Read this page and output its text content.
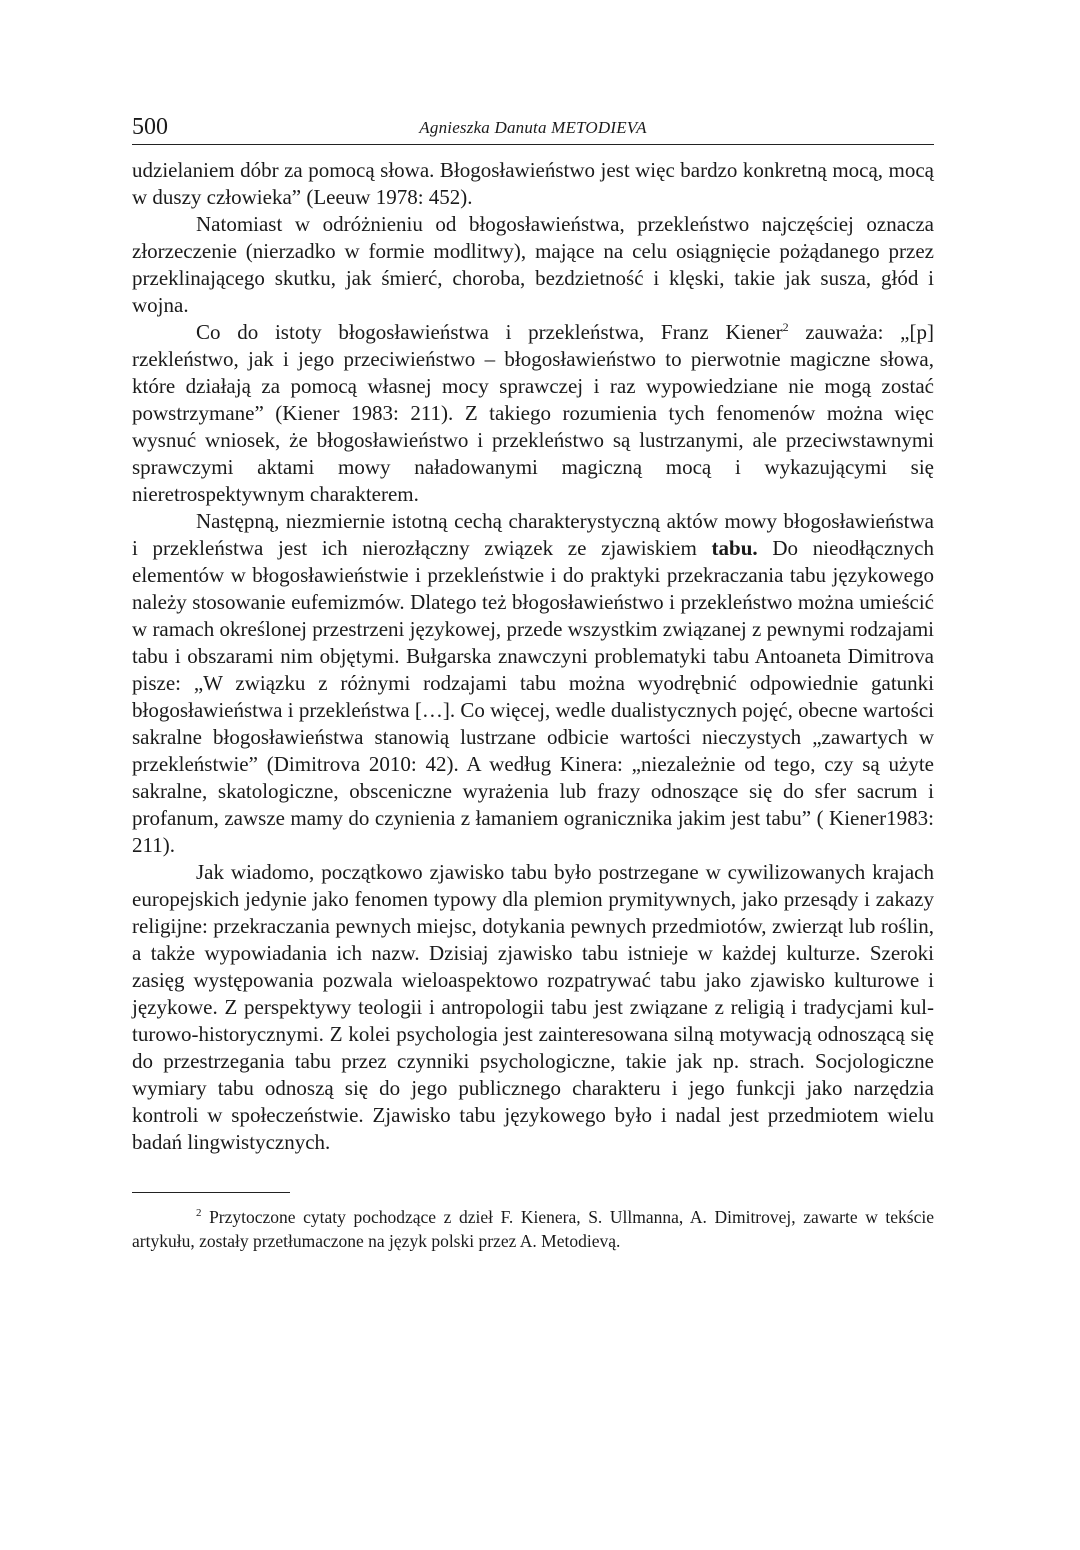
500	Agnieszka Danuta METODIEVA

udzielaniem dóbr za pomocą słowa. Błogosławieństwo jest więc bardzo konkretną mocą, mocą w duszy człowieka” (Leeuw 1978: 452).

Natomiast w odróżnieniu od błogosławieństwa, przekleństwo najczęściej oznacza złorzeczenie (nierzadko w formie modlitwy), mające na celu osiągnięcie pożądanego przez przeklinającego skutku, jak śmierć, choroba, bezdzietność i klęski, takie jak susza, głód i wojna.

Co do istoty błogosławieństwa i przekleństwa, Franz Kiener$^2$ zauważa: „[p] rzekleństwo, jak i jego przeciwieństwo – błogosławieństwo to pierwotnie magiczne słowa, które działają za pomocą własnej mocy sprawczej i raz wypowiedziane nie mogą zostać powstrzymane” (Kiener 1983: 211). Z takiego rozumienia tych fenomenów można więc wysnuć wniosek, że błogosławieństwo i przekleństwo są lustrzanymi, ale przeciwstawnymi sprawczymi aktami mowy naładowanymi magiczną mocą i wykazującymi się nieretrospektywnym charakterem.

Następną, niezmiernie istotną cechą charakterystyczną aktów mowy błogosławieństwa i przekleństwa jest ich nierozłączny związek ze zjawiskiem tabu. Do nieodłącznych elementów w błogosławieństwie i przekleństwie i do praktyki przekraczania tabu językowego należy stosowanie eufemizmów. Dlatego też błogosławieństwo i przekleństwo można umieścić w ramach określonej przestrzeni językowej, przede wszystkim związanej z pewnymi rodzajami tabu i obszarami nim objętymi. Bułgarska znawczyni problematyki tabu Antoaneta Dimitrova pisze: „W związku z różnymi rodzajami tabu można wyodrębnić odpowiednie gatunki błogosławieństwa i przekleństwa […]. Co więcej, wedle dualistycznych pojęć, obecne wartości sakralne błogosławieństwa stanowią lustrzane odbicie wartości nieczystych „zawartych w przekleństwie” (Dimitrova 2010: 42). A według Kinera: „niezależnie od tego, czy są użyte sakralne, skatologiczne, obsceniczne wyrażenia lub frazy odnoszące się do sfer sacrum i profanum, zawsze mamy do czynienia z łamaniem ogranicznika jakim jest tabu” ( Kiener1983: 211).

Jak wiadomo, początkowo zjawisko tabu było postrzegane w cywilizowanych krajach europejskich jedynie jako fenomen typowy dla plemion prymitywnych, jako przesądy i zakazy religijne: przekraczania pewnych miejsc, dotykania pewnych przedmiotów, zwierząt lub roślin, a także wypowiadania ich nazw. Dzisiaj zjawisko tabu istnieje w każdej kulturze. Szeroki zasięg występowania pozwala wieloaspektowo rozpatrywać tabu jako zjawisko kulturowe i językowe. Z perspektywy teologii i antropologii tabu jest związane z religią i tradycjami kulturowo-historycznymi. Z kolei psychologia jest zainteresowana silną motywacją odnoszącą się do przestrzegania tabu przez czynniki psychologiczne, takie jak np. strach. Socjologiczne wymiary tabu odnoszą się do jego publicznego charakteru i jego funkcji jako narzędzia kontroli w społeczeństwie. Zjawisko tabu językowego było i nadal jest przedmiotem wielu badań lingwistycznych.

$^2$ Przytoczone cytaty pochodzące z dzieł F. Kienera, S. Ullmanna, A. Dimitrovej, zawarte w tekście artykułu, zostały przetłumaczone na język polski przez A. Metodievą.
